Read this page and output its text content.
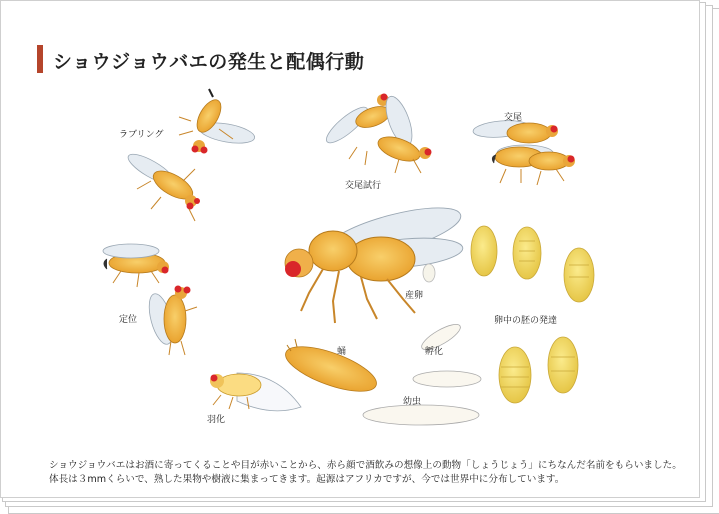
ショウジョウバエの発生と配偶行動
ラブリング
交尾試行
交尾
産卵
卵中の胚の発達
定位
蛹	孵化
幼虫
羽化

ショウジョウバエはお酒に寄ってくることや目が赤いことから、赤ら顔で酒飲みの想像上の動物「しょうじょう」にちなんだ名前をもらいました。

体長は３mmくらいで、熟した果物や樹液に集まってきます。起源はアフリカですが、今では世界中に分布しています。
